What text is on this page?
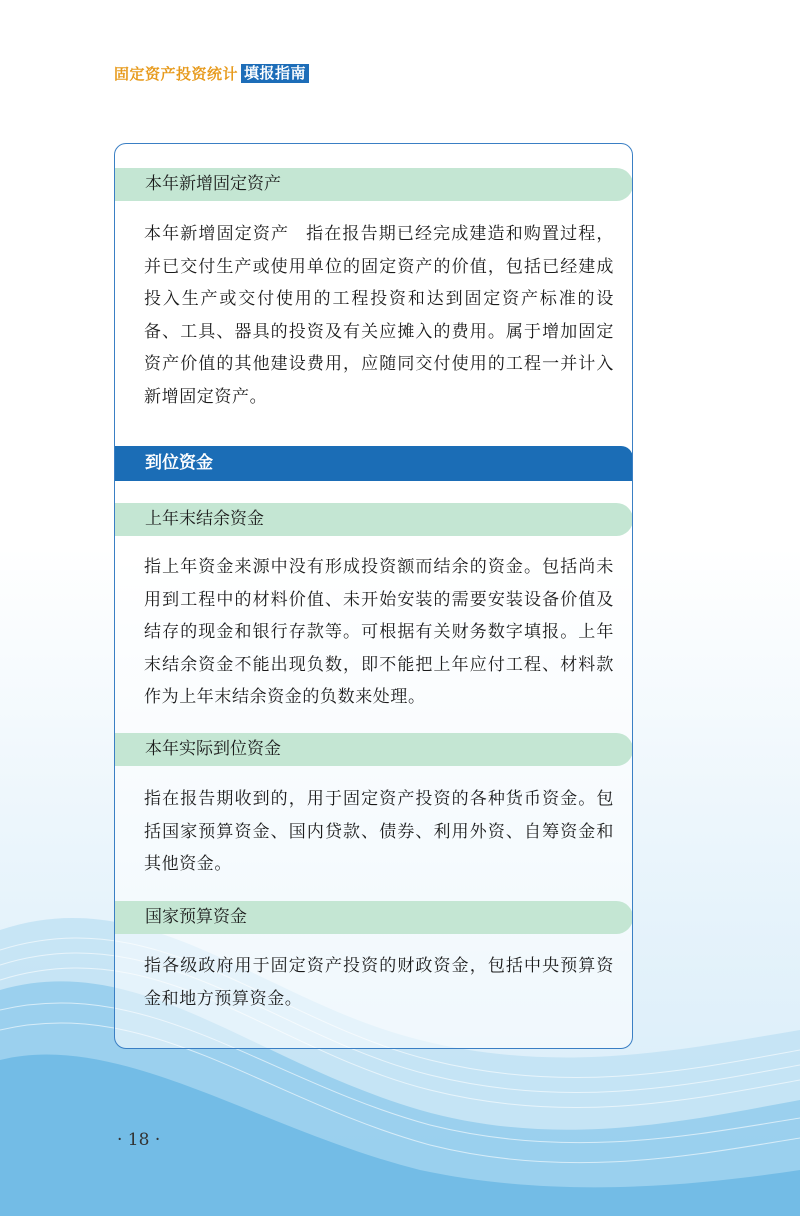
固定资产投资统计 填报指南
本年新增固定资产
本年新增固定资产 指在报告期已经完成建造和购置过程，并已交付生产或使用单位的固定资产的价值，包括已经建成投入生产或交付使用的工程投资和达到固定资产标准的设备、工具、器具的投资及有关应摊入的费用。属于增加固定资产价值的其他建设费用，应随同交付使用的工程一并计入新增固定资产。
到位资金
上年末结余资金
指上年资金来源中没有形成投资额而结余的资金。包括尚未用到工程中的材料价值、未开始安装的需要安装设备价值及结存的现金和银行存款等。可根据有关财务数字填报。上年末结余资金不能出现负数，即不能把上年应付工程、材料款作为上年末结余资金的负数来处理。
本年实际到位资金
指在报告期收到的，用于固定资产投资的各种货币资金。包括国家预算资金、国内贷款、债券、利用外资、自筹资金和其他资金。
国家预算资金
指各级政府用于固定资产投资的财政资金，包括中央预算资金和地方预算资金。
· 18 ·
